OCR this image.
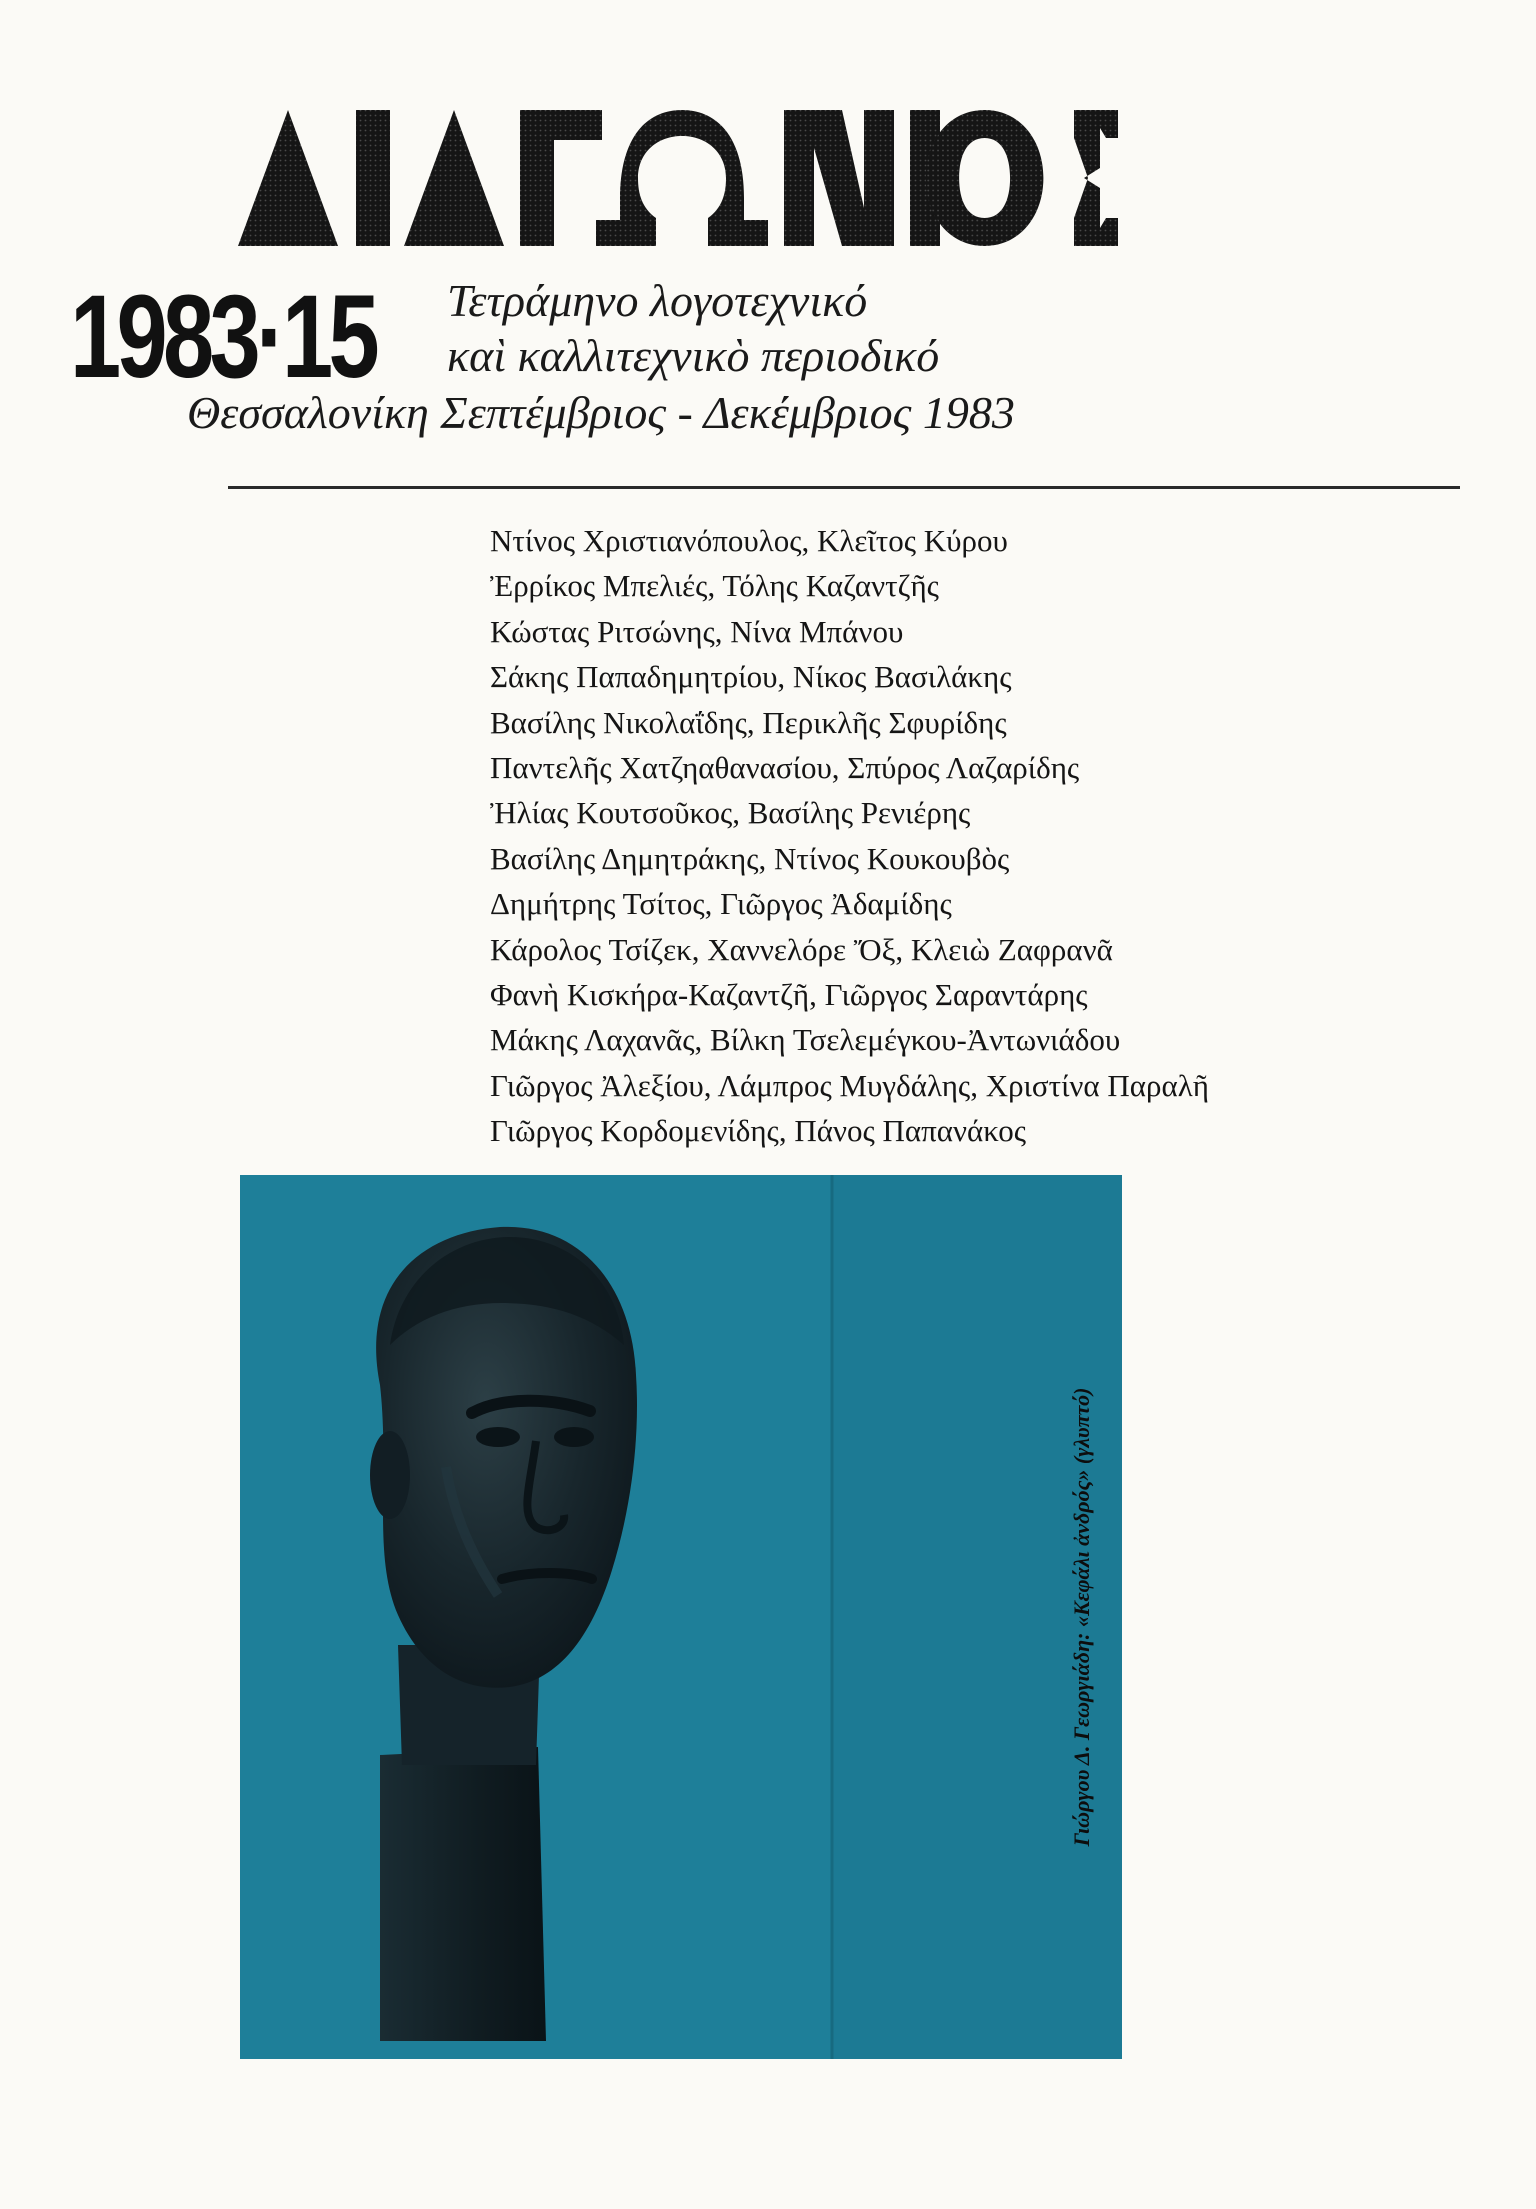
1983·15 Τετράμηνο λογοτεχνικό
καὶ καλλιτεχνικὸ περιοδικό
Θεσσαλονίκη Σεπτέμβριος - Δεκέμβριος 1983
Ντίνος Χριστιανόπουλος, Κλεῖτος Κύρου
Ἐρρίκος Μπελιές, Τόλης Καζαντζῆς
Κώστας Ριτσώνης, Νίνα Μπάνου
Σάκης Παπαδημητρίου, Νίκος Βασιλάκης
Βασίλης Νικολαΐδης, Περικλῆς Σφυρίδης
Παντελῆς Χατζηαθανασίου, Σπύρος Λαζαρίδης
Ἠλίας Κουτσοῦκος, Βασίλης Ρενιέρης
Βασίλης Δημητράκης, Ντίνος Κουκουβὸς
Δημήτρης Τσίτος, Γιῶργος Ἀδαμίδης
Κάρολος Τσίζεκ, Χαννελόρε Ὄξ, Κλειὼ Ζαφρανᾶ
Φανὴ Κισκήρα-Καζαντζῆ, Γιῶργος Σαραντάρης
Μάκης Λαχανᾶς, Βίλκη Τσελεμέγκου-Ἀντωνιάδου
Γιῶργος Ἀλεξίου, Λάμπρος Μυγδάλης, Χριστίνα Παραλῆ
Γιῶργος Κορδομενίδης, Πάνος Παπανάκος
Γιώργου Δ. Γεωργιάδη: «Κεφάλι ἀνδρός» (γλυπτό)
